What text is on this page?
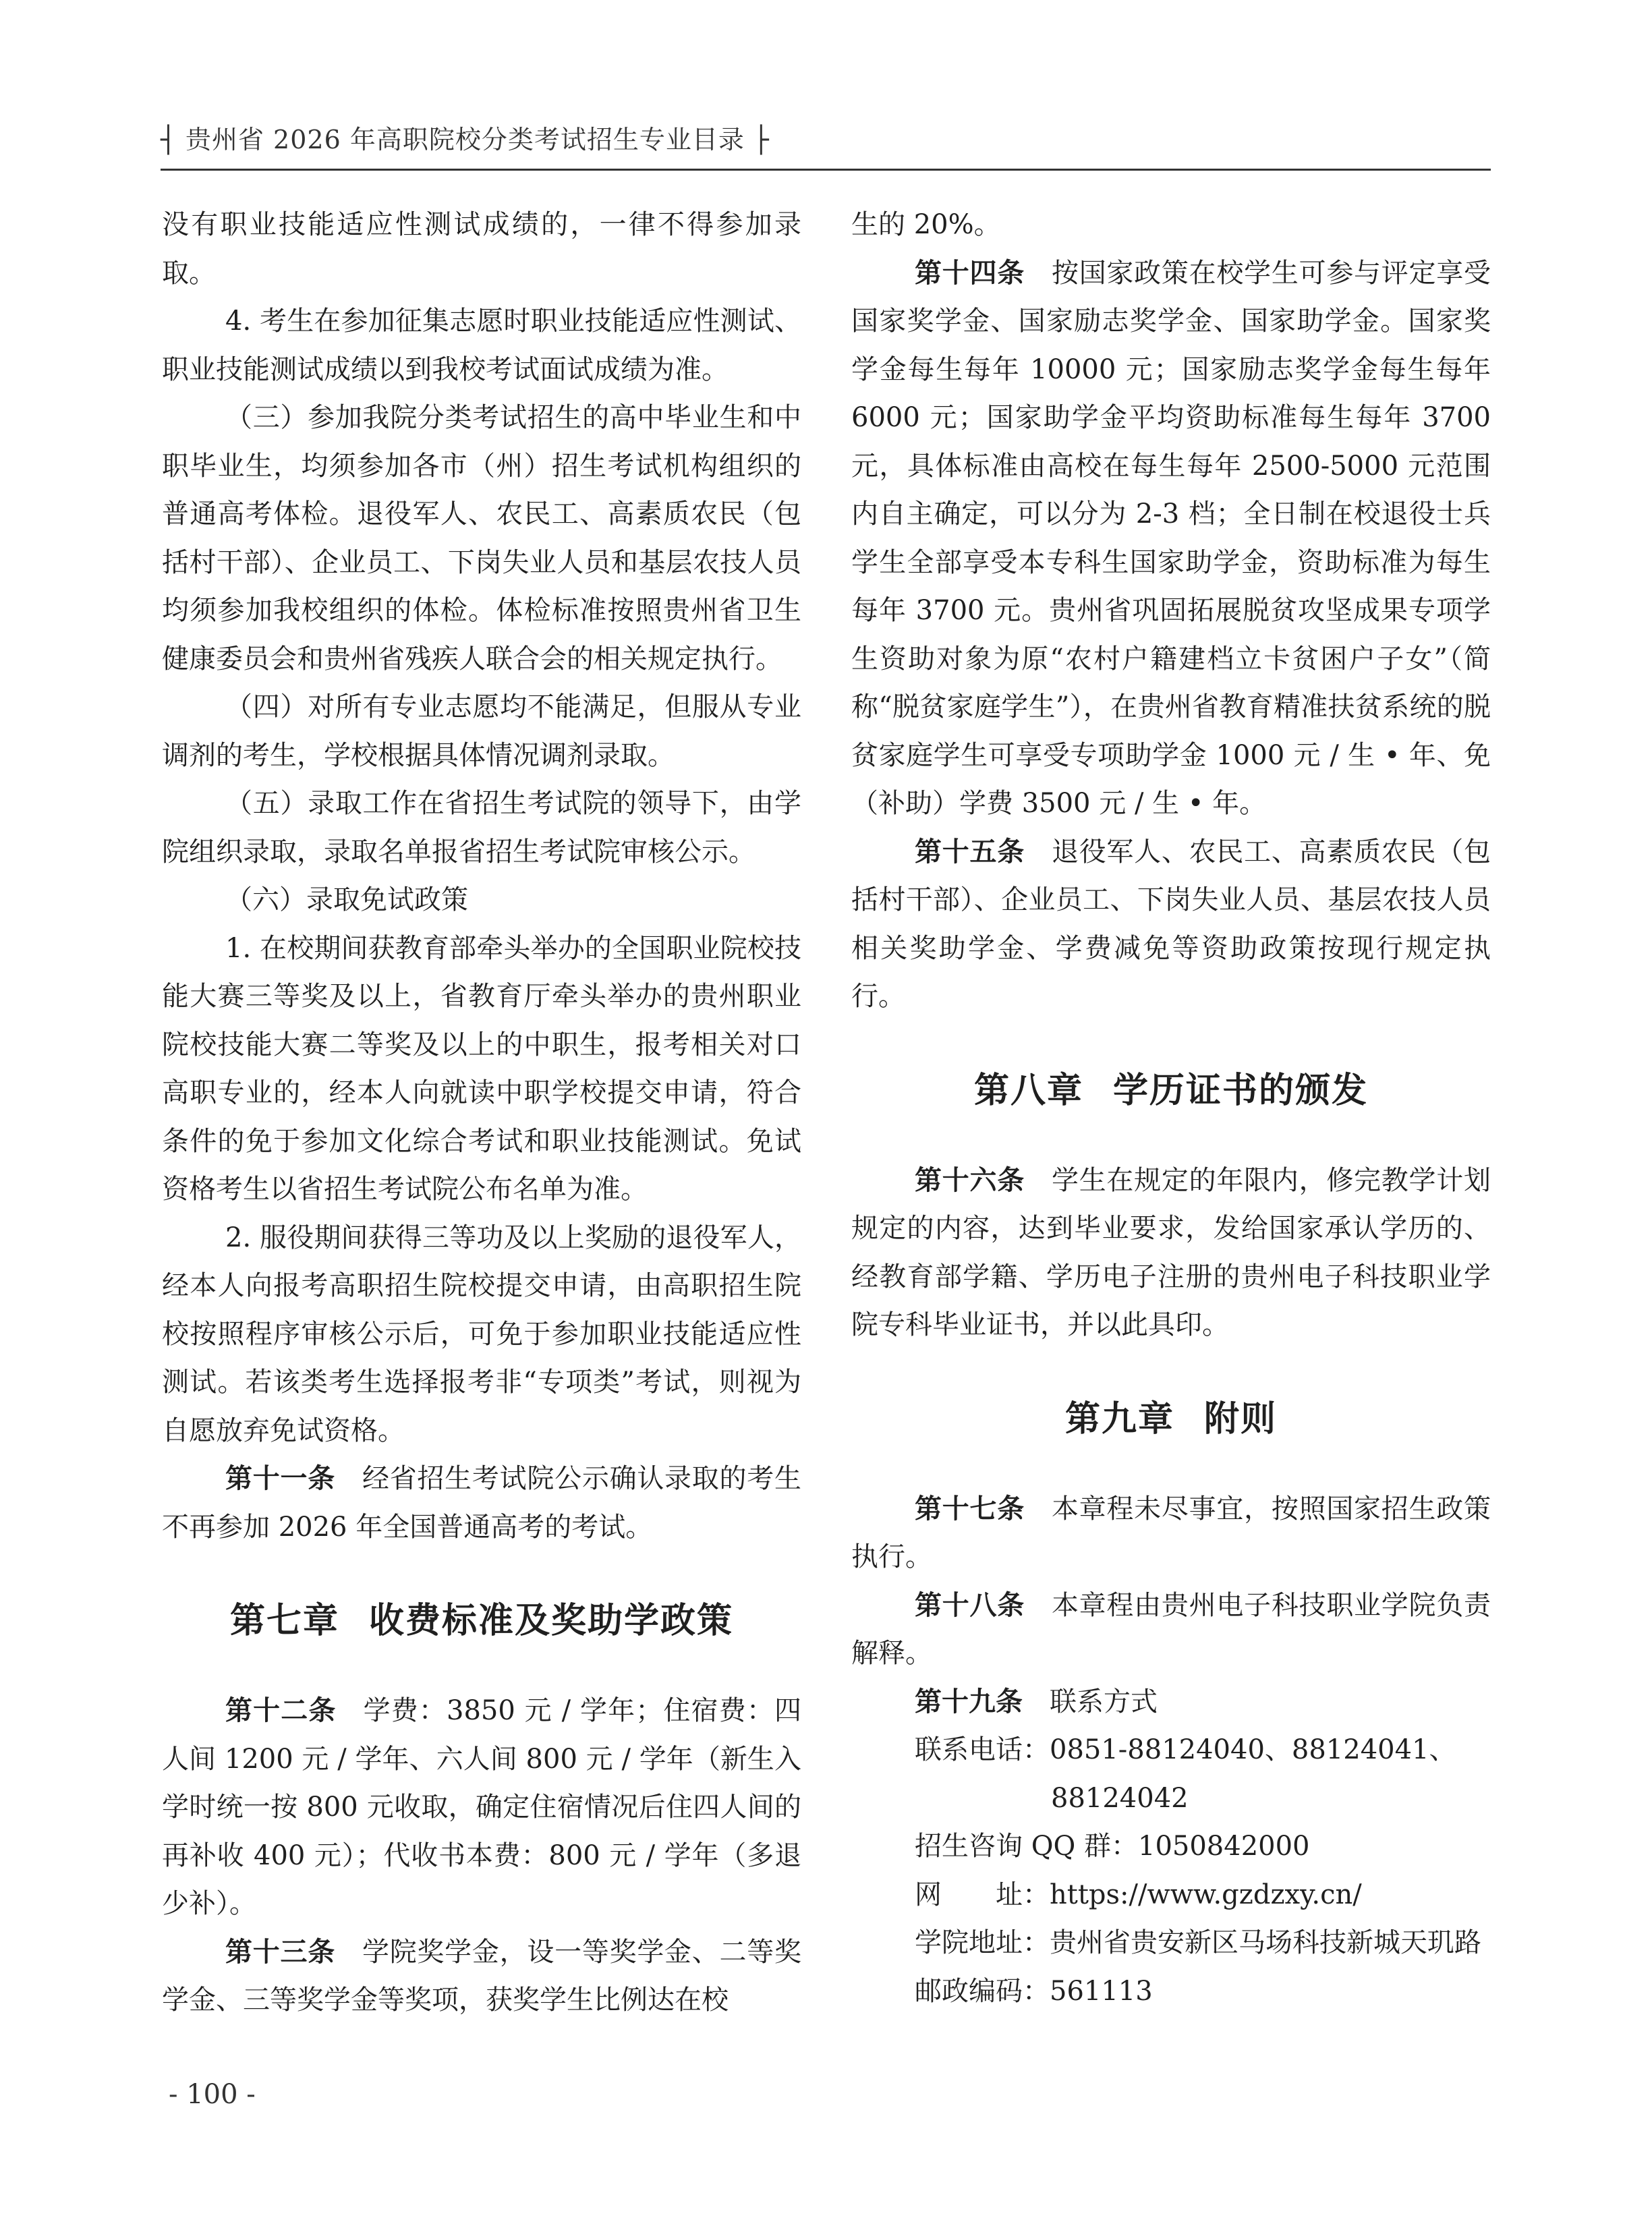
┤ 贵州省 2026 年高职院校分类考试招生专业目录 ├

没有职业技能适应性测试成绩的，一律不得参加录取。

4. 考生在参加征集志愿时职业技能适应性测试、职业技能测试成绩以到我校考试面试成绩为准。

（三）参加我院分类考试招生的高中毕业生和中职毕业生，均须参加各市（州）招生考试机构组织的普通高考体检。退役军人、农民工、高素质农民（包括村干部）、企业员工、下岗失业人员和基层农技人员均须参加我校组织的体检。体检标准按照贵州省卫生健康委员会和贵州省残疾人联合会的相关规定执行。

（四）对所有专业志愿均不能满足，但服从专业调剂的考生，学校根据具体情况调剂录取。

（五）录取工作在省招生考试院的领导下，由学院组织录取，录取名单报省招生考试院审核公示。

（六）录取免试政策

1. 在校期间获教育部牵头举办的全国职业院校技能大赛三等奖及以上，省教育厅牵头举办的贵州职业院校技能大赛二等奖及以上的中职生，报考相关对口高职专业的，经本人向就读中职学校提交申请，符合条件的免于参加文化综合考试和职业技能测试。免试资格考生以省招生考试院公布名单为准。

2. 服役期间获得三等功及以上奖励的退役军人，经本人向报考高职招生院校提交申请，由高职招生院校按照程序审核公示后，可免于参加职业技能适应性测试。若该类考生选择报考非“专项类”考试，则视为自愿放弃免试资格。

第十一条 经省招生考试院公示确认录取的考生不再参加 2026 年全国普通高考的考试。

第七章 收费标准及奖助学政策

第十二条 学费：3850 元 / 学年；住宿费：四人间 1200 元 / 学年、六人间 800 元 / 学年（新生入学时统一按 800 元收取，确定住宿情况后住四人间的再补收 400 元）；代收书本费：800 元 / 学年（多退少补）。

第十三条 学院奖学金，设一等奖学金、二等奖学金、三等奖学金等奖项，获奖学生比例达在校

生的 20%。

第十四条 按国家政策在校学生可参与评定享受国家奖学金、国家励志奖学金、国家助学金。国家奖学金每生每年 10000 元；国家励志奖学金每生每年 6000 元；国家助学金平均资助标准每生每年 3700 元，具体标准由高校在每生每年 2500-5000 元范围内自主确定，可以分为 2-3 档；全日制在校退役士兵学生全部享受本专科生国家助学金，资助标准为每生每年 3700 元。贵州省巩固拓展脱贫攻坚成果专项学生资助对象为原“农村户籍建档立卡贫困户子女”（简称“脱贫家庭学生”），在贵州省教育精准扶贫系统的脱贫家庭学生可享受专项助学金 1000 元 / 生 • 年、免（补助）学费 3500 元 / 生 • 年。

第十五条 退役军人、农民工、高素质农民（包括村干部）、企业员工、下岗失业人员、基层农技人员相关奖助学金、学费减免等资助政策按现行规定执行。

第八章 学历证书的颁发

第十六条 学生在规定的年限内，修完教学计划规定的内容，达到毕业要求，发给国家承认学历的、经教育部学籍、学历电子注册的贵州电子科技职业学院专科毕业证书，并以此具印。

第九章 附则

第十七条 本章程未尽事宜，按照国家招生政策执行。

第十八条 本章程由贵州电子科技职业学院负责解释。

第十九条 联系方式

联系电话：0851-88124040、88124041、

88124042

招生咨询 QQ 群：1050842000

网　　址：https://www.gzdzxy.cn/

学院地址：贵州省贵安新区马场科技新城天玑路

邮政编码：561113

- 100 -
